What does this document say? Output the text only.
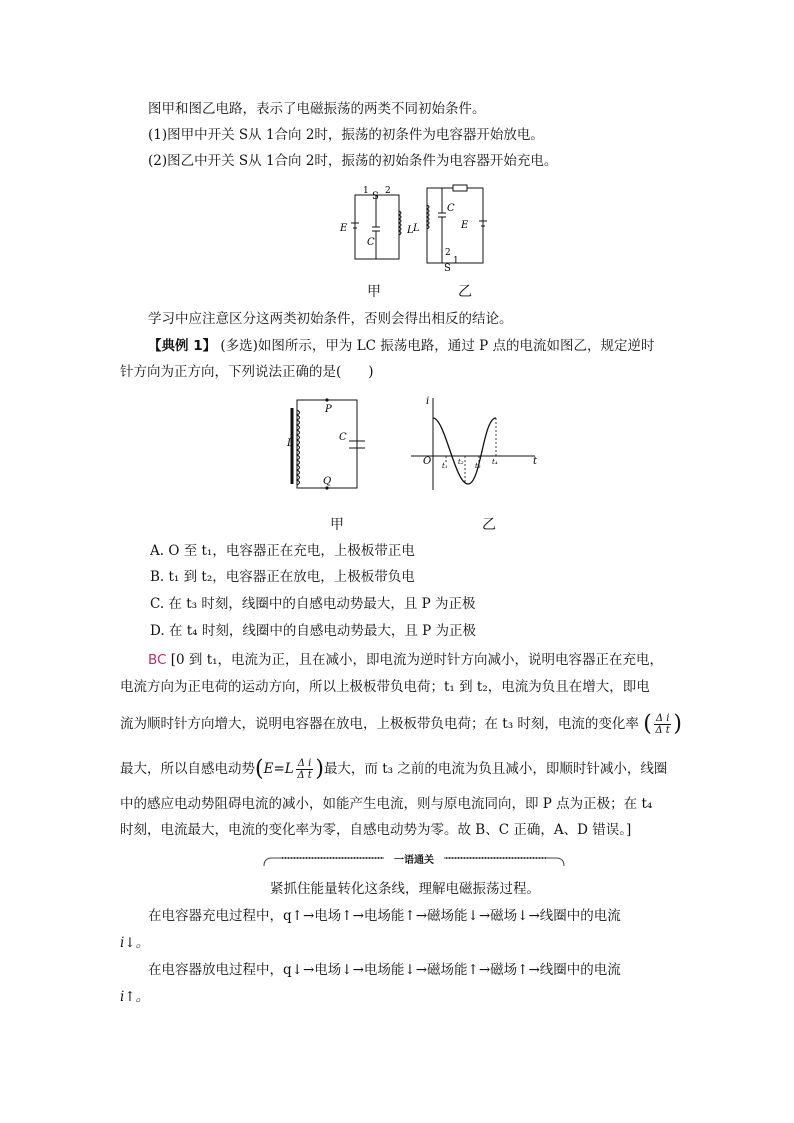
图甲和图乙电路，表示了电磁振荡的两类不同初始条件。
(1)图甲中开关 S从 1合向 2时，振荡的初条件为电容器开始放电。
(2)图乙中开关 S从 1合向 2时，振荡的初始条件为电容器开始充电。
E
C
L
S
1 2
L
C
E
S
2
1
甲	乙
学习中应注意区分这两类初始条件，否则会得出相反的结论。
【典例 1】 (多选)如图所示，甲为 LC 振荡电路，通过 P 点的电流如图乙，规定逆时
针方向为正方向，下列说法正确的是(　　)
P
Q
L
C
i
t
O t₁ t₂ t₃ t₄
甲	乙
A. O 至 t₁，电容器正在充电，上极板带正电
B. t₁ 到 t₂，电容器正在放电，上极板带负电
C. 在 t₃ 时刻，线圈中的自感电动势最大，且 P 为正极
D. 在 t₄ 时刻，线圈中的自感电动势最大，且 P 为正极
BC [0 到 t₁，电流为正，且在减小，即电流为逆时针方向减小，说明电容器正在充电，
电流方向为正电荷的运动方向，所以上极板带负电荷；t₁ 到 t₂，电流为负且在增大，即电
流为顺时针方向增大，说明电容器在放电，上极板带负电荷；在 t₃ 时刻，电流的变化率 ( $\frac{\text{Δ i}}{\text{Δ t}}$ )
最大，所以自感电动势($E=L \frac{\text{Δ i}}{\text{Δ t}}$ )最大，而 t₃ 之前的电流为负且减小，即顺时针减小，线圈
中的感应电动势阻碍电流的减小，如能产生电流，则与原电流同向，即 P 点为正极；在 t₄
时刻，电流最大，电流的变化率为零，自感电动势为零。故 B、C 正确，A、D 错误。]
一语通关
紧抓住能量转化这条线，理解电磁振荡过程。
在电容器充电过程中，q↑→电场↑→电场能↑→磁场能↓→磁场↓→线圈中的电流
i↓。
在电容器放电过程中，q↓→电场↓→电场能↓→磁场能↑→磁场↑→线圈中的电流
i↑。
